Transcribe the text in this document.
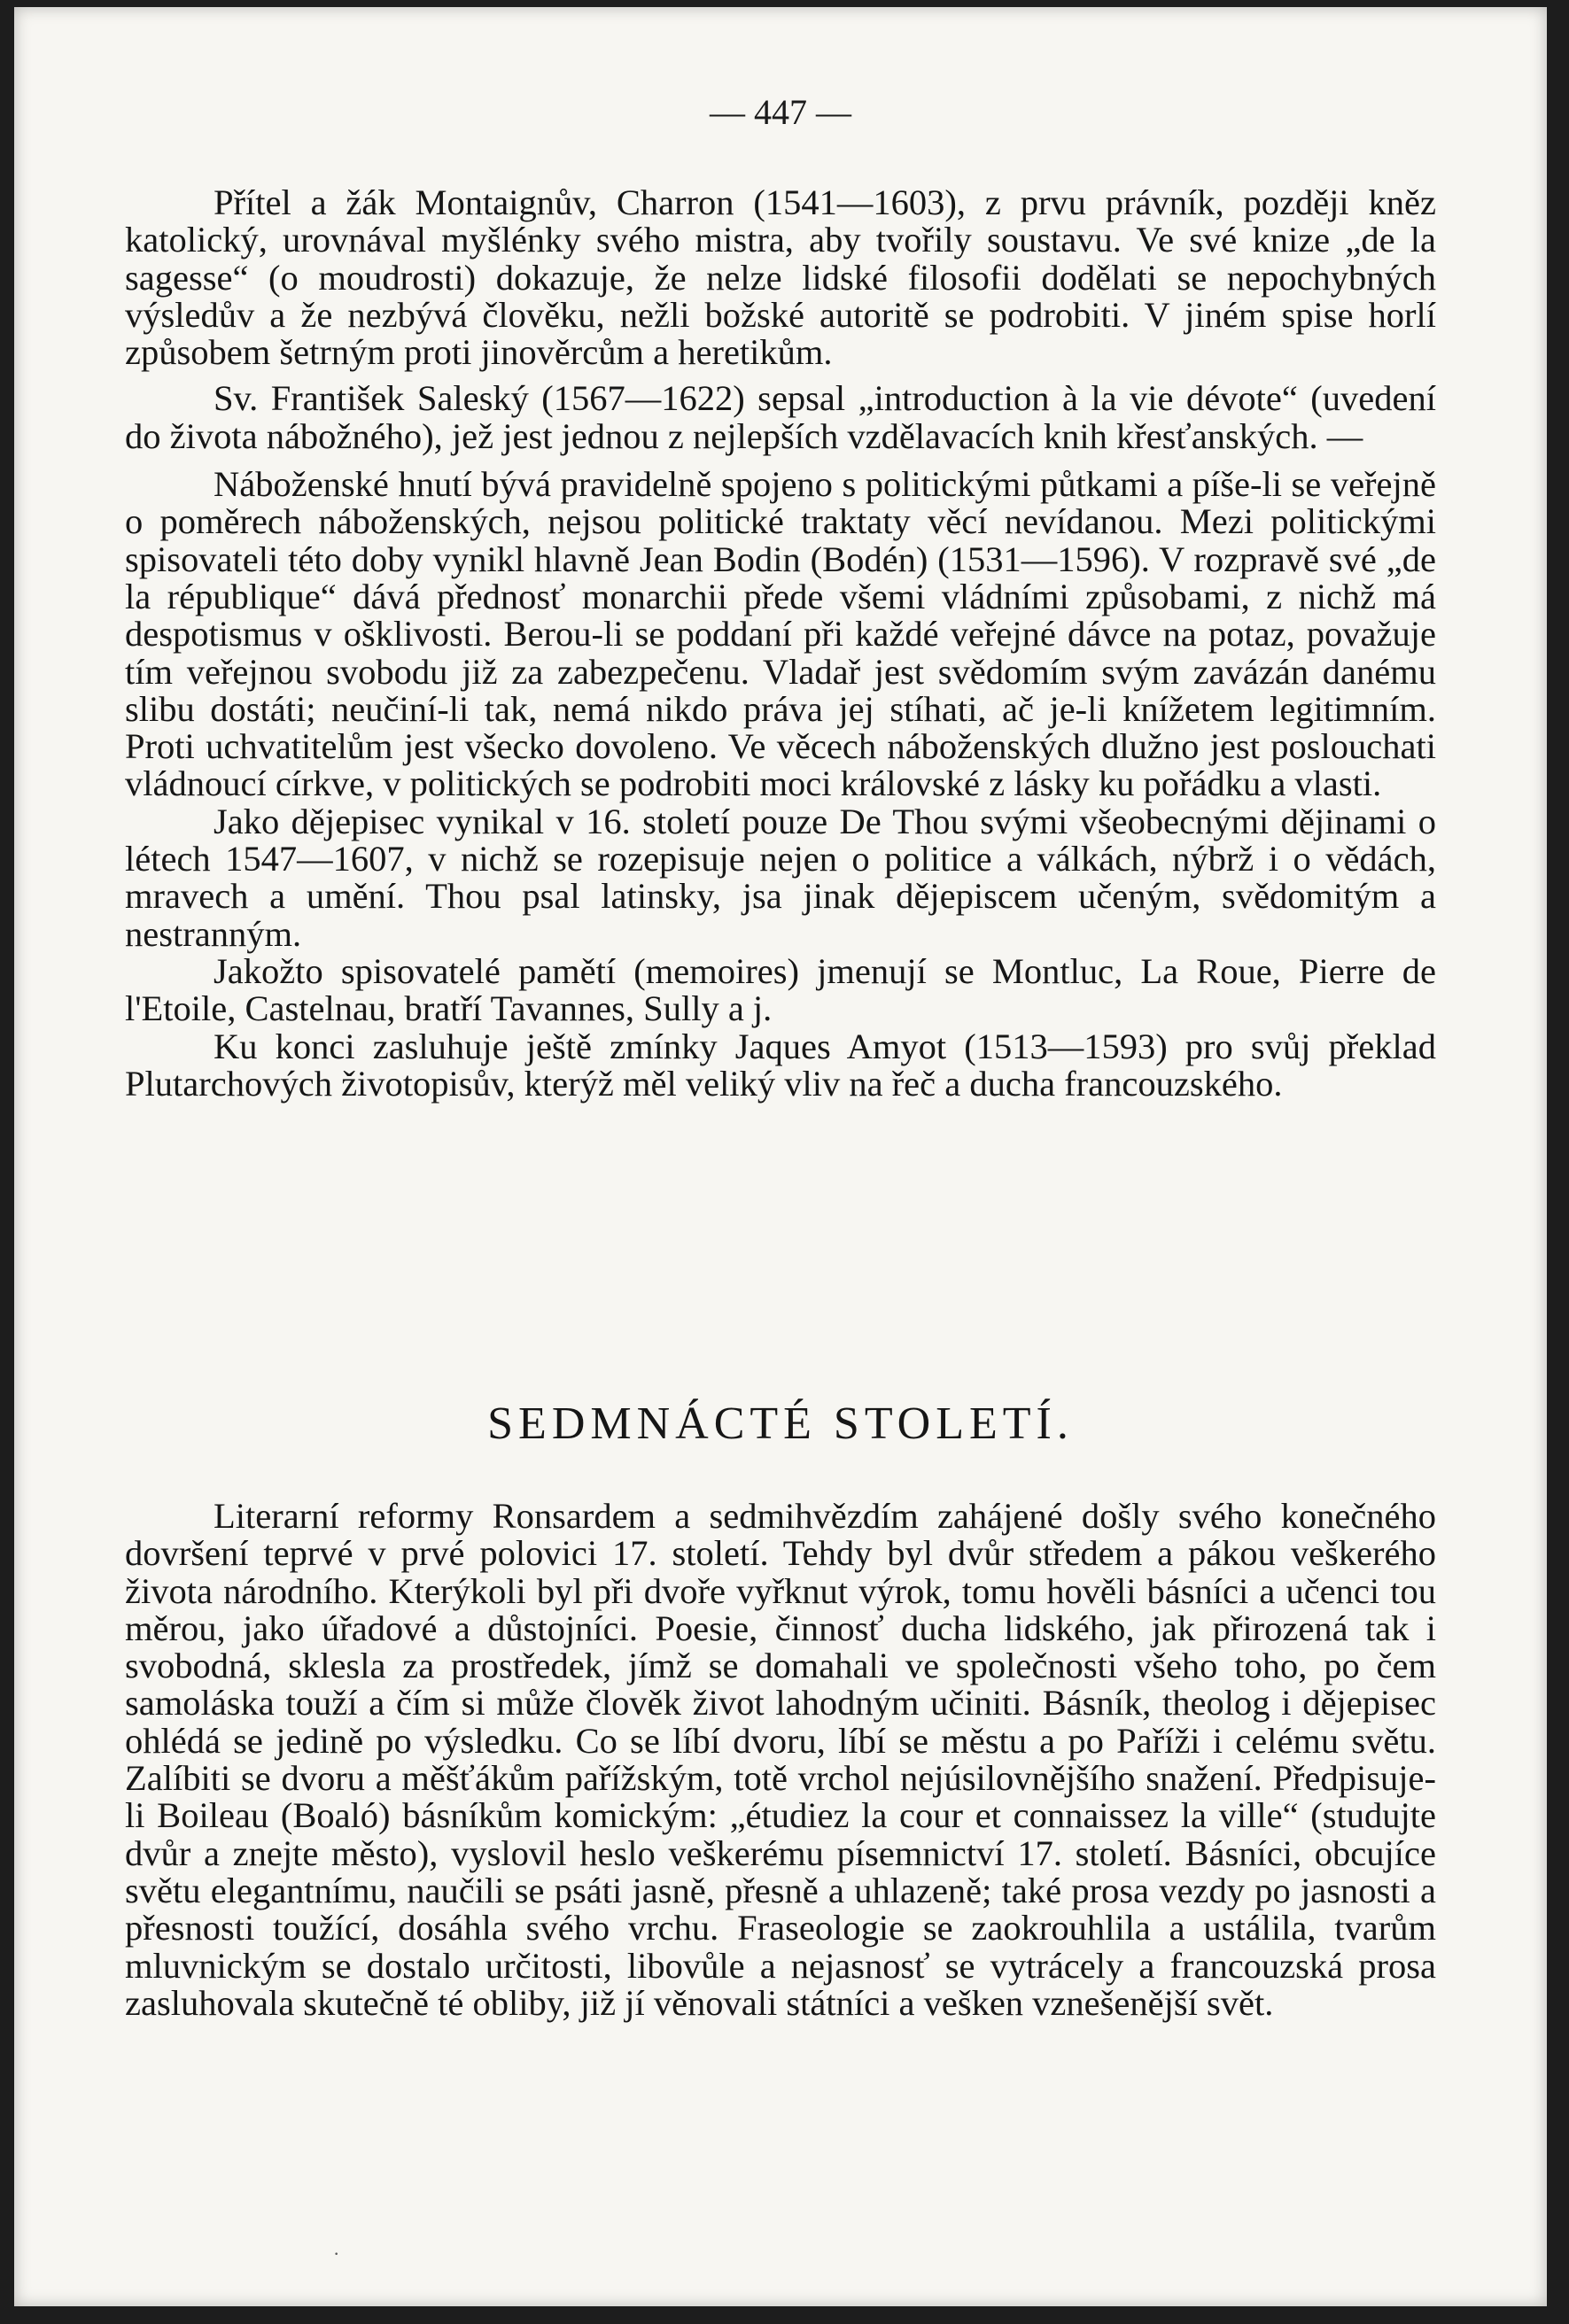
— 447 —

Přítel a žák Montaignův, Charron (1541—1603), z prvu právník, později kněz katolický, urovnával myšlénky svého mistra, aby tvořily soustavu. Ve své knize „de la sagesse“ (o moudrosti) dokazuje, že nelze lidské filosofii dodělati se nepochybných výsledův a že nezbývá člověku, nežli božské autoritě se podrobiti. V jiném spise horlí způsobem šetrným proti jinověrcům a heretikům.

Sv. František Saleský (1567—1622) sepsal „introduction à la vie dévote“ (uvedení do života nábožného), jež jest jednou z nejlepších vzdělavacích knih křesťanských. —

Náboženské hnutí bývá pravidelně spojeno s politickými půtkami a píše-li se veřejně o poměrech náboženských, nejsou politické traktaty věcí nevídanou. Mezi politickými spisovateli této doby vynikl hlavně Jean Bodin (Bodén) (1531—1596). V rozpravě své „de la république“ dává přednosť monarchii přede všemi vládními způsobami, z nichž má despotismus v ošklivosti. Berou-li se poddaní při každé veřejné dávce na potaz, považuje tím veřejnou svobodu již za zabezpečenu. Vladař jest svědomím svým zavázán danému slibu dostáti; neučiní-li tak, nemá nikdo práva jej stíhati, ač je-li knížetem legitimním. Proti uchvatitelům jest všecko dovoleno. Ve věcech náboženských dlužno jest poslouchati vládnoucí církve, v politických se podrobiti moci královské z lásky ku pořádku a vlasti.

Jako dějepisec vynikal v 16. století pouze De Thou svými všeobecnými dějinami o létech 1547—1607, v nichž se rozepisuje nejen o politice a válkách, nýbrž i o vědách, mravech a umění. Thou psal latinsky, jsa jinak dějepiscem učeným, svědomitým a nestranným.

Jakožto spisovatelé pamětí (memoires) jmenují se Montluc, La Roue, Pierre de l'Etoile, Castelnau, bratří Tavannes, Sully a j.

Ku konci zasluhuje ještě zmínky Jaques Amyot (1513—1593) pro svůj překlad Plutarchových životopisův, kterýž měl veliký vliv na řeč a ducha francouzského.

SEDMNÁCTÉ STOLETÍ.

Literarní reformy Ronsardem a sedmihvězdím zahájené došly svého konečného dovršení teprvé v prvé polovici 17. století. Tehdy byl dvůr středem a pákou veškerého života národního. Kterýkoli byl při dvoře vyřknut výrok, tomu hověli básníci a učenci tou měrou, jako úřadové a důstojníci. Poesie, činnosť ducha lidského, jak přirozená tak i svobodná, sklesla za prostředek, jímž se domahali ve společnosti všeho toho, po čem samoláska touží a čím si může člověk život lahodným učiniti. Básník, theolog i dějepisec ohlédá se jedině po výsledku. Co se líbí dvoru, líbí se městu a po Paříži i celému světu. Zalíbiti se dvoru a měšťákům pařížským, totě vrchol nejúsilovnějšího snažení. Předpisuje-li Boileau (Boaló) básníkům komickým: „étudiez la cour et connaissez la ville“ (studujte dvůr a znejte město), vyslovil heslo veškerému písemnictví 17. století. Básníci, obcujíce světu elegantnímu, naučili se psáti jasně, přesně a uhlazeně; také prosa vezdy po jasnosti a přesnosti toužící, dosáhla svého vrchu. Fraseologie se zaokrouhlila a ustálila, tvarům mluvnickým se dostalo určitosti, libovůle a nejasnosť se vytrácely a francouzská prosa zasluhovala skutečně té obliby, již jí věnovali státníci a vešken vznešenější svět.

·
